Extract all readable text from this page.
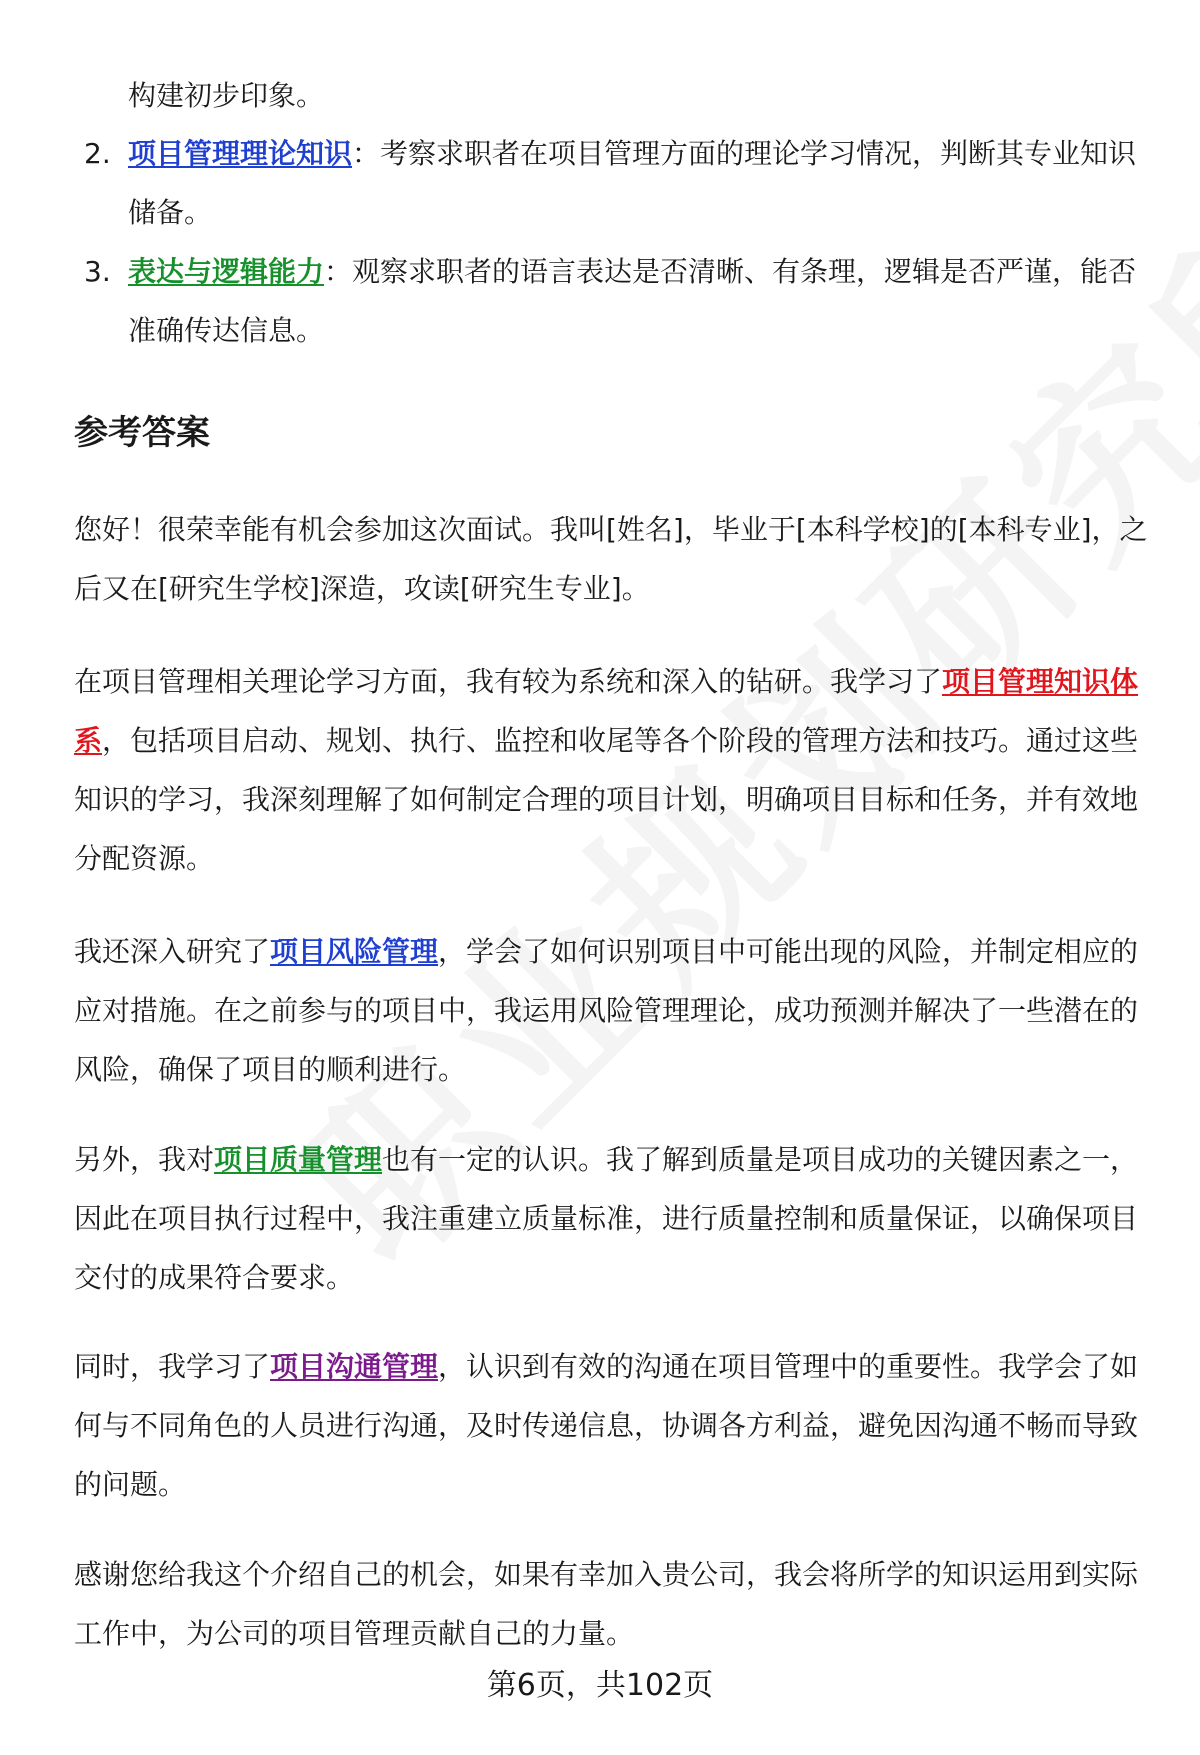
构建初步印象。

2. 项目管理理论知识：考察求职者在项目管理方面的理论学习情况，判断其专业知识储备。

3. 表达与逻辑能力：观察求职者的语言表达是否清晰、有条理，逻辑是否严谨，能否准确传达信息。

参考答案

您好！很荣幸能有机会参加这次面试。我叫[姓名]，毕业于[本科学校]的[本科专业]，之后又在[研究生学校]深造，攻读[研究生专业]。

在项目管理相关理论学习方面，我有较为系统和深入的钻研。我学习了项目管理知识体系，包括项目启动、规划、执行、监控和收尾等各个阶段的管理方法和技巧。通过这些知识的学习，我深刻理解了如何制定合理的项目计划，明确项目目标和任务，并有效地分配资源。

我还深入研究了项目风险管理，学会了如何识别项目中可能出现的风险，并制定相应的应对措施。在之前参与的项目中，我运用风险管理理论，成功预测并解决了一些潜在的风险，确保了项目的顺利进行。

另外，我对项目质量管理也有一定的认识。我了解到质量是项目成功的关键因素之一，因此在项目执行过程中，我注重建立质量标准，进行质量控制和质量保证，以确保项目交付的成果符合要求。

同时，我学习了项目沟通管理，认识到有效的沟通在项目管理中的重要性。我学会了如何与不同角色的人员进行沟通，及时传递信息，协调各方利益，避免因沟通不畅而导致的问题。

感谢您给我这个介绍自己的机会，如果有幸加入贵公司，我会将所学的知识运用到实际工作中，为公司的项目管理贡献自己的力量。

第6页，共102页
